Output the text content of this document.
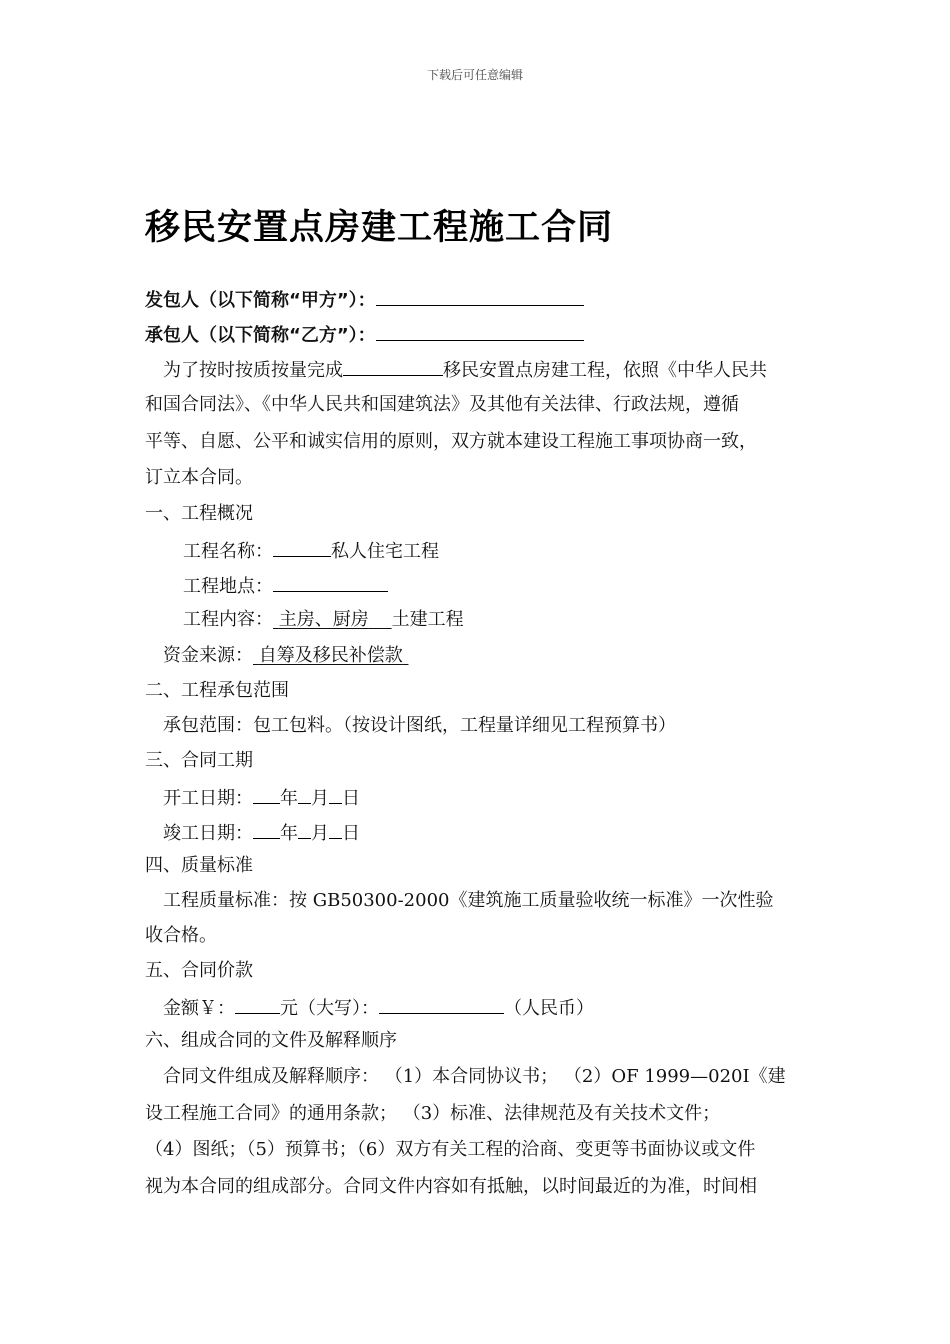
下载后可任意编辑
移民安置点房建工程施工合同
发包人（以下简称“甲方”）：
承包人（以下简称“乙方”）：
为了按时按质按量完成	移民安置点房建工程，依照《中华人民共
和国合同法》、《中华人民共和国建筑法》及其他有关法律、行政法规，遵循
平等、自愿、公平和诚实信用的原则，双方就本建设工程施工事项协商一致，
订立本合同。
一、工程概况
工程名称：	私人住宅工程
工程地点：
工程内容： 主房、厨房 土建工程
资金来源： 自筹及移民补偿款
二、工程承包范围
承包范围：包工包料。（按设计图纸，工程量详细见工程预算书）
三、合同工期
开工日期： 年 月 日
竣工日期： 年 月 日
四、质量标准
工程质量标准：按 GB50300-2000《建筑施工质量验收统一标准》一次性验
收合格。
五、合同价款
金额￥：	元（大写）：	（人民币）
六、组成合同的文件及解释顺序
合同文件组成及解释顺序： （1）本合同协议书； （2）OF 1999—020I《建
设工程施工合同》的通用条款； （3）标准、法律规范及有关技术文件；
（4）图纸；（5）预算书；（6）双方有关工程的洽商、变更等书面协议或文件
视为本合同的组成部分。合同文件内容如有抵触，以时间最近的为准，时间相
